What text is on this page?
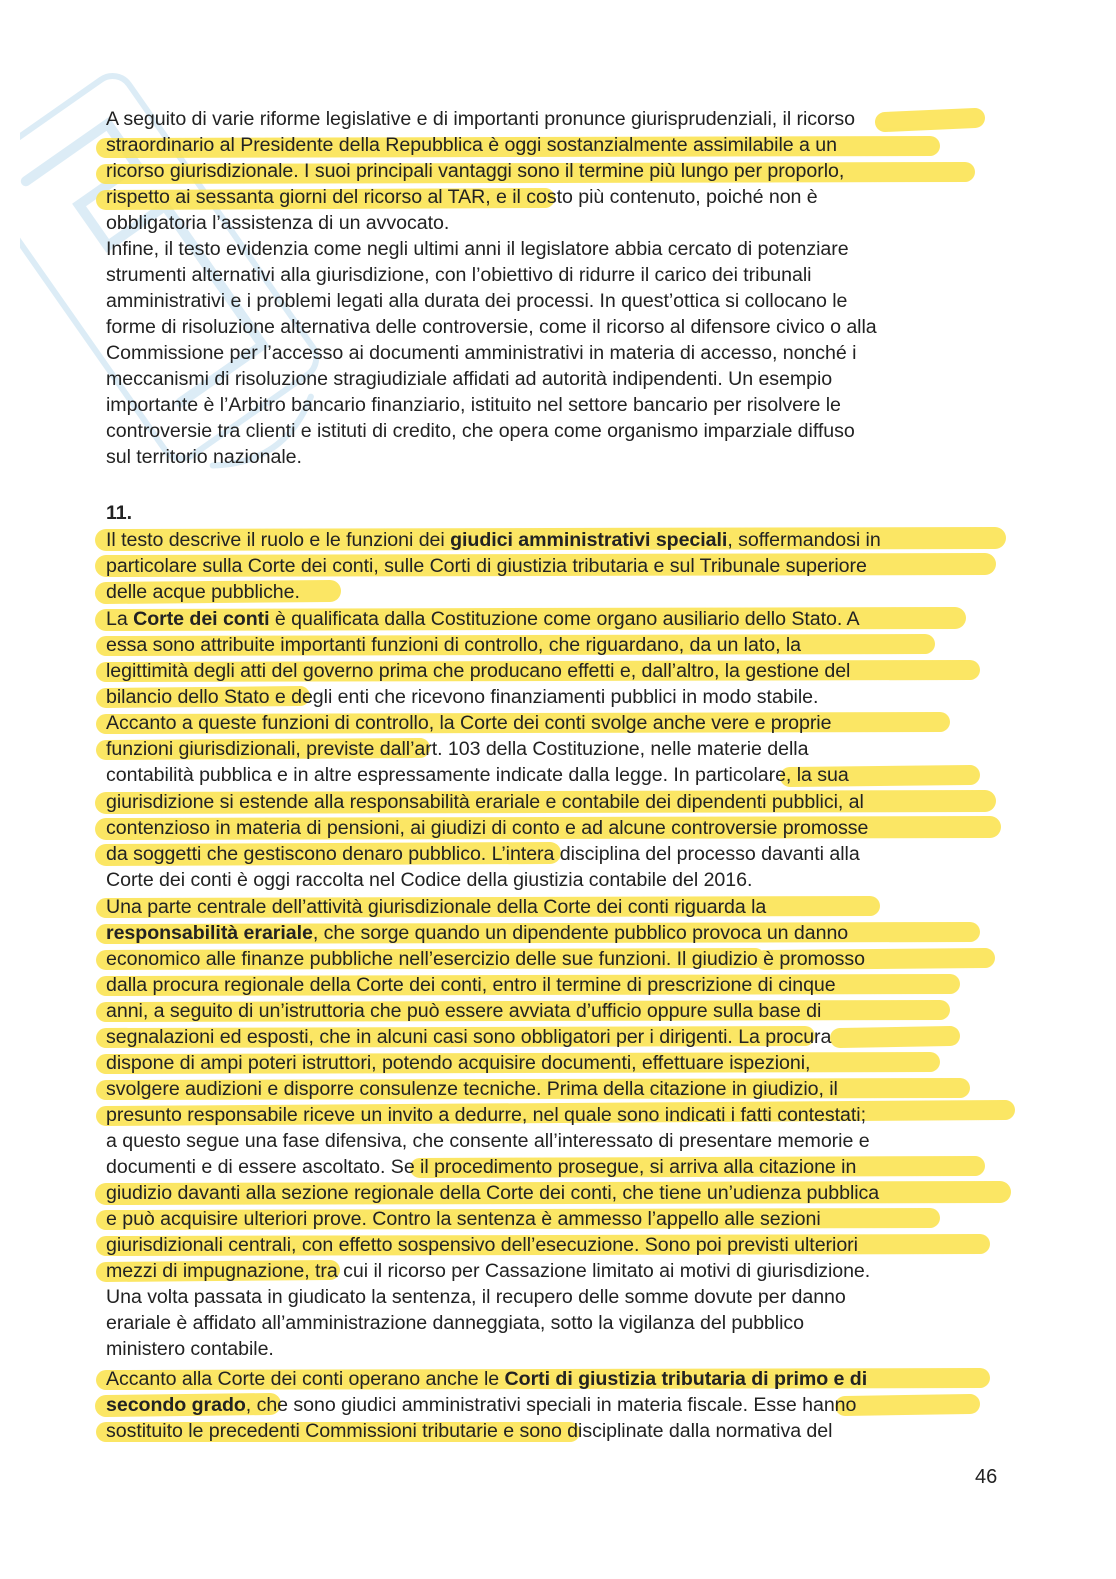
A seguito di varie riforme legislative e di importanti pronunce giurisprudenziali, il ricorso
straordinario al Presidente della Repubblica è oggi sostanzialmente assimilabile a un
ricorso giurisdizionale. I suoi principali vantaggi sono il termine più lungo per proporlo,
rispetto ai sessanta giorni del ricorso al TAR, e il costo più contenuto, poiché non è
obbligatoria l’assistenza di un avvocato.
Infine, il testo evidenzia come negli ultimi anni il legislatore abbia cercato di potenziare
strumenti alternativi alla giurisdizione, con l’obiettivo di ridurre il carico dei tribunali
amministrativi e i problemi legati alla durata dei processi. In quest’ottica si collocano le
forme di risoluzione alternativa delle controversie, come il ricorso al difensore civico o alla
Commissione per l’accesso ai documenti amministrativi in materia di accesso, nonché i
meccanismi di risoluzione stragiudiziale affidati ad autorità indipendenti. Un esempio
importante è l’Arbitro bancario finanziario, istituito nel settore bancario per risolvere le
controversie tra clienti e istituti di credito, che opera come organismo imparziale diffuso
sul territorio nazionale.
11.
Il testo descrive il ruolo e le funzioni dei giudici amministrativi speciali, soffermandosi in
particolare sulla Corte dei conti, sulle Corti di giustizia tributaria e sul Tribunale superiore
delle acque pubbliche.
La Corte dei conti è qualificata dalla Costituzione come organo ausiliario dello Stato. A
essa sono attribuite importanti funzioni di controllo, che riguardano, da un lato, la
legittimità degli atti del governo prima che producano effetti e, dall’altro, la gestione del
bilancio dello Stato e degli enti che ricevono finanziamenti pubblici in modo stabile.
Accanto a queste funzioni di controllo, la Corte dei conti svolge anche vere e proprie
funzioni giurisdizionali, previste dall’art. 103 della Costituzione, nelle materie della
contabilità pubblica e in altre espressamente indicate dalla legge. In particolare, la sua
giurisdizione si estende alla responsabilità erariale e contabile dei dipendenti pubblici, al
contenzioso in materia di pensioni, ai giudizi di conto e ad alcune controversie promosse
da soggetti che gestiscono denaro pubblico. L’intera disciplina del processo davanti alla
Corte dei conti è oggi raccolta nel Codice della giustizia contabile del 2016.
Una parte centrale dell’attività giurisdizionale della Corte dei conti riguarda la
responsabilità erariale, che sorge quando un dipendente pubblico provoca un danno
economico alle finanze pubbliche nell’esercizio delle sue funzioni. Il giudizio è promosso
dalla procura regionale della Corte dei conti, entro il termine di prescrizione di cinque
anni, a seguito di un’istruttoria che può essere avviata d’ufficio oppure sulla base di
segnalazioni ed esposti, che in alcuni casi sono obbligatori per i dirigenti. La procura
dispone di ampi poteri istruttori, potendo acquisire documenti, effettuare ispezioni,
svolgere audizioni e disporre consulenze tecniche. Prima della citazione in giudizio, il
presunto responsabile riceve un invito a dedurre, nel quale sono indicati i fatti contestati;
a questo segue una fase difensiva, che consente all’interessato di presentare memorie e
documenti e di essere ascoltato. Se il procedimento prosegue, si arriva alla citazione in
giudizio davanti alla sezione regionale della Corte dei conti, che tiene un’udienza pubblica
e può acquisire ulteriori prove. Contro la sentenza è ammesso l’appello alle sezioni
giurisdizionali centrali, con effetto sospensivo dell’esecuzione. Sono poi previsti ulteriori
mezzi di impugnazione, tra cui il ricorso per Cassazione limitato ai motivi di giurisdizione.
Una volta passata in giudicato la sentenza, il recupero delle somme dovute per danno
erariale è affidato all’amministrazione danneggiata, sotto la vigilanza del pubblico
ministero contabile.
Accanto alla Corte dei conti operano anche le Corti di giustizia tributaria di primo e di
secondo grado, che sono giudici amministrativi speciali in materia fiscale. Esse hanno
sostituito le precedenti Commissioni tributarie e sono disciplinate dalla normativa del
46
